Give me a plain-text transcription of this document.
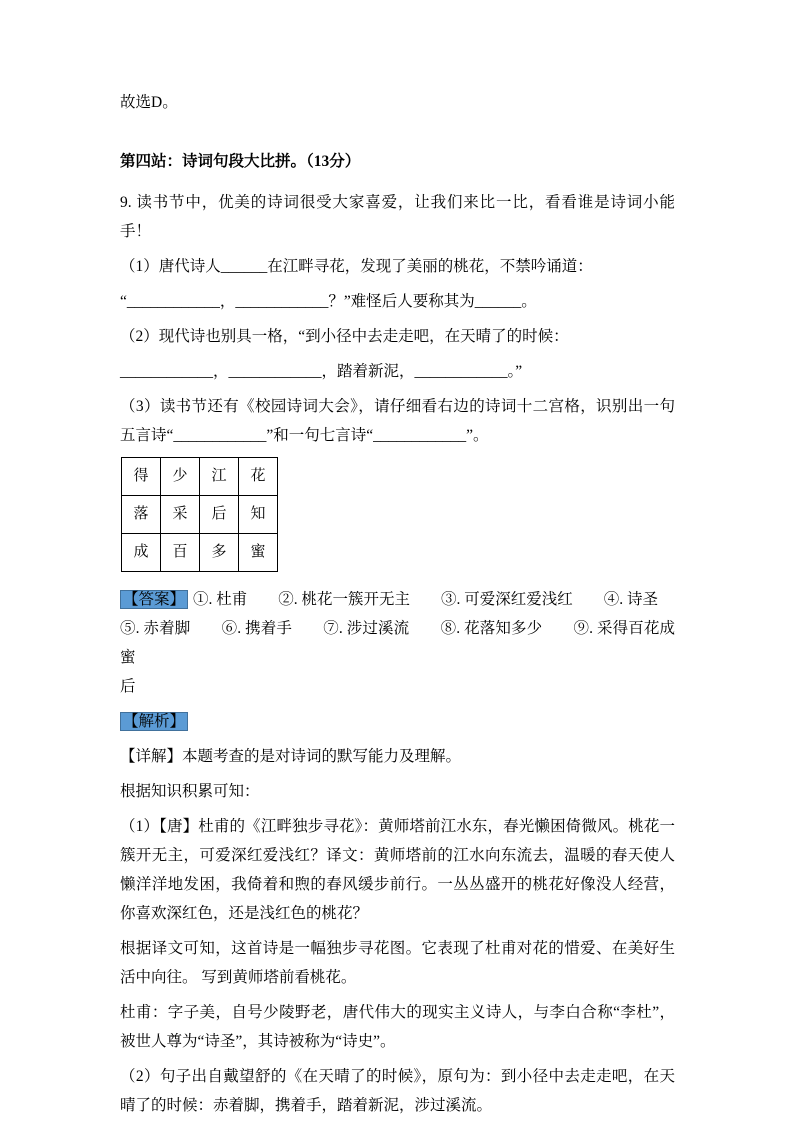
故选D。

第四站：诗词句段大比拼。（13分）

9. 读书节中，优美的诗词很受大家喜爱，让我们来比一比，看看谁是诗词小能手！

（1）唐代诗人______在江畔寻花，发现了美丽的桃花，不禁吟诵道：

“____________，____________？”难怪后人要称其为______。

（2）现代诗也别具一格，“到小径中去走走吧，在天晴了的时候：

____________，____________，踏着新泥，____________。”

（3）读书节还有《校园诗词大会》，请仔细看右边的诗词十二宫格，识别出一句五言诗“____________”和一句七言诗“____________”。

得	少	江	花
落	采	后	知
成	百	多	蜜

【答案】 ①. 杜甫　　②. 桃花一簇开无主　　③. 可爱深红爱浅红　　④. 诗圣
⑤. 赤着脚　　⑥. 携着手　　⑦. 涉过溪流　　⑧. 花落知多少　　⑨. 采得百花成蜜
后

【解析】

【详解】本题考查的是对诗词的默写能力及理解。

根据知识积累可知：

（1）【唐】杜甫的《江畔独步寻花》：黄师塔前江水东，春光懒困倚微风。桃花一簇开无主，可爱深红爱浅红？译文：黄师塔前的江水向东流去，温暖的春天使人懒洋洋地发困，我倚着和煦的春风缓步前行。一丛丛盛开的桃花好像没人经营，你喜欢深红色，还是浅红色的桃花？

根据译文可知，这首诗是一幅独步寻花图。它表现了杜甫对花的惜爱、在美好生活中向往。 写到黄师塔前看桃花。

杜甫：字子美，自号少陵野老，唐代伟大的现实主义诗人，与李白合称“李杜”，被世人尊为“诗圣”，其诗被称为“诗史”。

（2）句子出自戴望舒的《在天晴了的时候》，原句为：到小径中去走走吧，在天晴了的时候：赤着脚，携着手，踏着新泥，涉过溪流。
